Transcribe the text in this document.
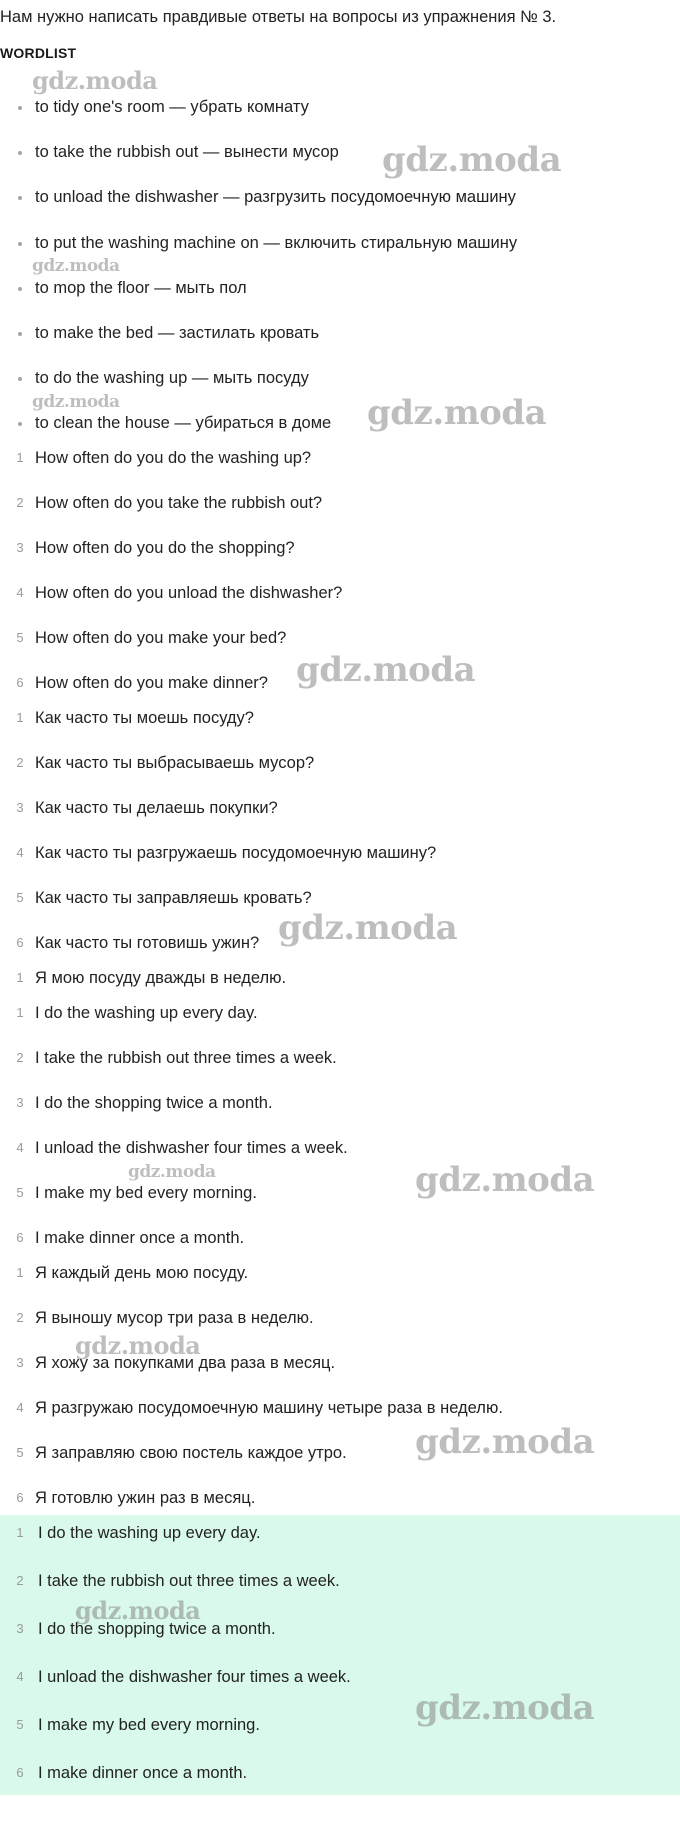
Нам нужно написать правдивые ответы на вопросы из упражнения № 3.
WORDLIST
to tidy one's room — убрать комнату
to take the rubbish out — вынести мусор
to unload the dishwasher — разгрузить посудомоечную машину
to put the washing machine on — включить стиральную машину
to mop the floor — мыть пол
to make the bed — застилать кровать
to do the washing up — мыть посуду
to clean the house — убираться в доме
1 How often do you do the washing up?
2 How often do you take the rubbish out?
3 How often do you do the shopping?
4 How often do you unload the dishwasher?
5 How often do you make your bed?
6 How often do you make dinner?
1 Как часто ты моешь посуду?
2 Как часто ты выбрасываешь мусор?
3 Как часто ты делаешь покупки?
4 Как часто ты разгружаешь посудомоечную машину?
5 Как часто ты заправляешь кровать?
6 Как часто ты готовишь ужин?
1 Я мою посуду дважды в неделю.
1 I do the washing up every day.
2 I take the rubbish out three times a week.
3 I do the shopping twice a month.
4 I unload the dishwasher four times a week.
5 I make my bed every morning.
6 I make dinner once a month.
1 Я каждый день мою посуду.
2 Я выношу мусор три раза в неделю.
3 Я хожу за покупками два раза в месяц.
4 Я разгружаю посудомоечную машину четыре раза в неделю.
5 Я заправляю свою постель каждое утро.
6 Я готовлю ужин раз в месяц.
1 I do the washing up every day.
2 I take the rubbish out three times a week.
3 I do the shopping twice a month.
4 I unload the dishwasher four times a week.
5 I make my bed every morning.
6 I make dinner once a month.
gdz.moda
gdz.moda
gdz.moda
gdz.moda	gdz.moda
gdz.moda
gdz.moda
gdz.moda	gdz.moda
gdz.moda
gdz.moda
gdz.moda
gdz.moda
